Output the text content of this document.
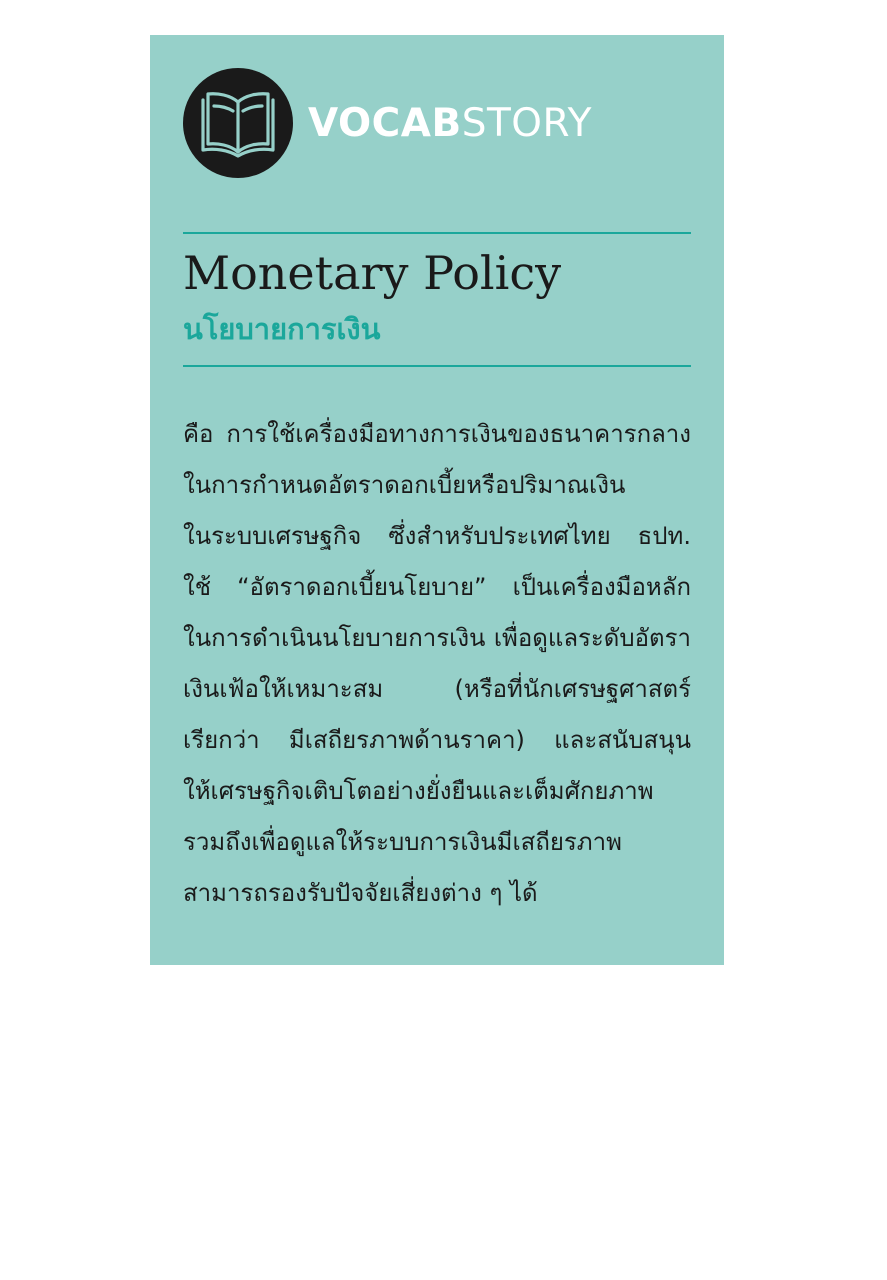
VOCABSTORY
Monetary Policy
นโยบายการเงิน
คือ การใช้เครื่องมือทางการเงินของธนาคารกลาง
ในการกำหนดอัตราดอกเบี้ยหรือปริมาณเงิน
ในระบบเศรษฐกิจ ซึ่งสำหรับประเทศไทย ธปท.
ใช้ “อัตราดอกเบี้ยนโยบาย” เป็นเครื่องมือหลัก
ในการดำเนินนโยบายการเงิน เพื่อดูแลระดับอัตรา
เงินเฟ้อให้เหมาะสม (หรือที่นักเศรษฐศาสตร์
เรียกว่า มีเสถียรภาพด้านราคา) และสนับสนุน
ให้เศรษฐกิจเติบโตอย่างยั่งยืนและเต็มศักยภาพ
รวมถึงเพื่อดูแลให้ระบบการเงินมีเสถียรภาพ
สามารถรองรับปัจจัยเสี่ยงต่าง ๆ ได้
